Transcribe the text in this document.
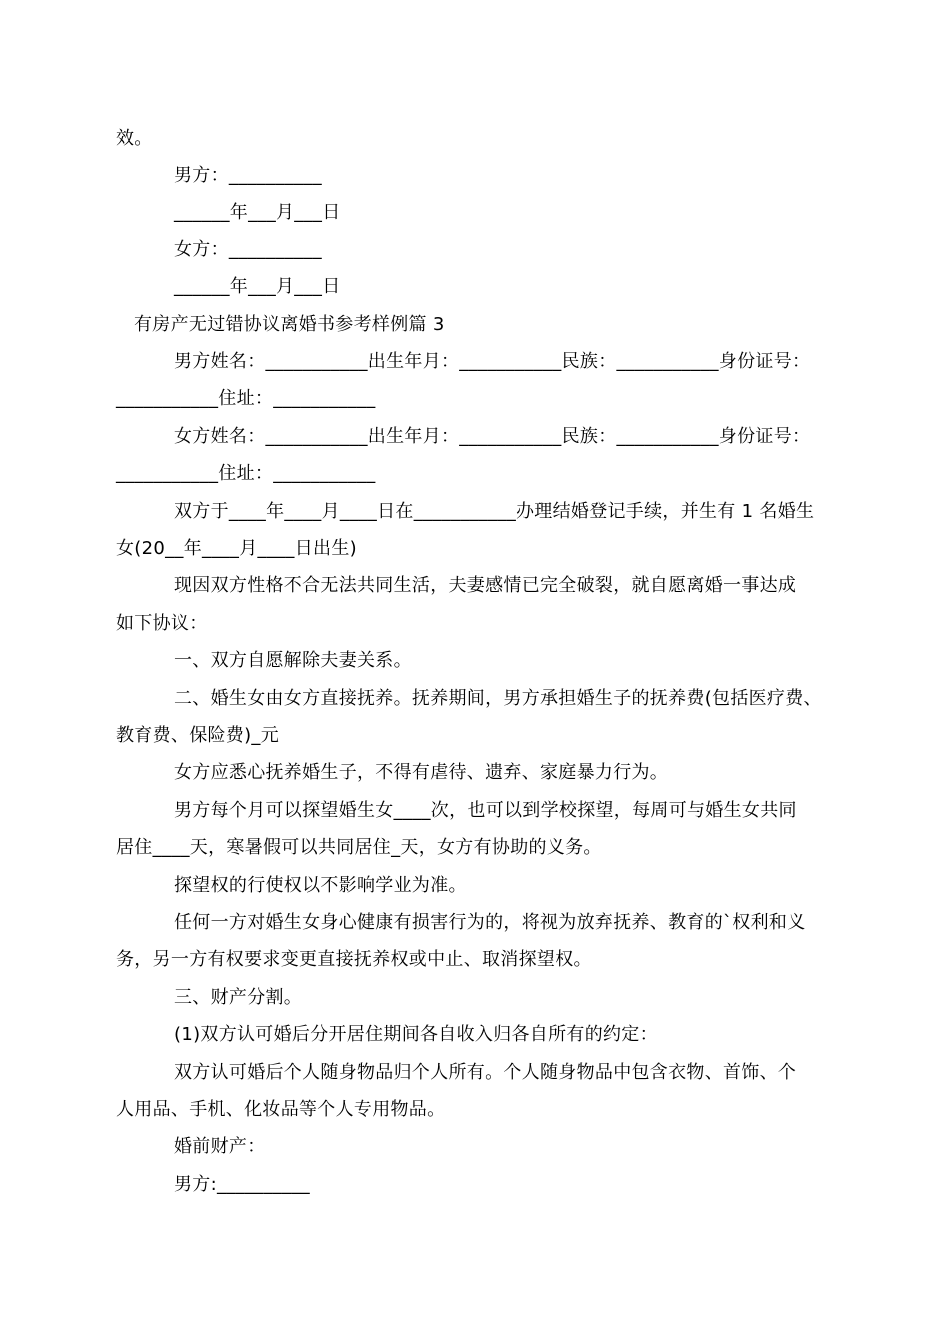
效。
男方：__________
______年___月___日
女方：__________
______年___月___日
有房产无过错协议离婚书参考样例篇 3
男方姓名：___________出生年月：___________民族：___________身份证号：
___________住址：___________
女方姓名：___________出生年月：___________民族：___________身份证号：
___________住址：___________
双方于____年____月____日在___________办理结婚登记手续，并生有 1 名婚生
女(20__年____月____日出生)
现因双方性格不合无法共同生活，夫妻感情已完全破裂，就自愿离婚一事达成
如下协议：
一、双方自愿解除夫妻关系。
二、婚生女由女方直接抚养。抚养期间，男方承担婚生子的抚养费(包括医疗费、
教育费、保险费)_元
女方应悉心抚养婚生子，不得有虐待、遗弃、家庭暴力行为。
男方每个月可以探望婚生女____次，也可以到学校探望，每周可与婚生女共同
居住____天，寒暑假可以共同居住_天，女方有协助的义务。
探望权的行使权以不影响学业为准。
任何一方对婚生女身心健康有损害行为的，将视为放弃抚养、教育的`权利和义
务，另一方有权要求变更直接抚养权或中止、取消探望权。
三、财产分割。
(1)双方认可婚后分开居住期间各自收入归各自所有的约定：
双方认可婚后个人随身物品归个人所有。个人随身物品中包含衣物、首饰、个
人用品、手机、化妆品等个人专用物品。
婚前财产：
男方:__________
